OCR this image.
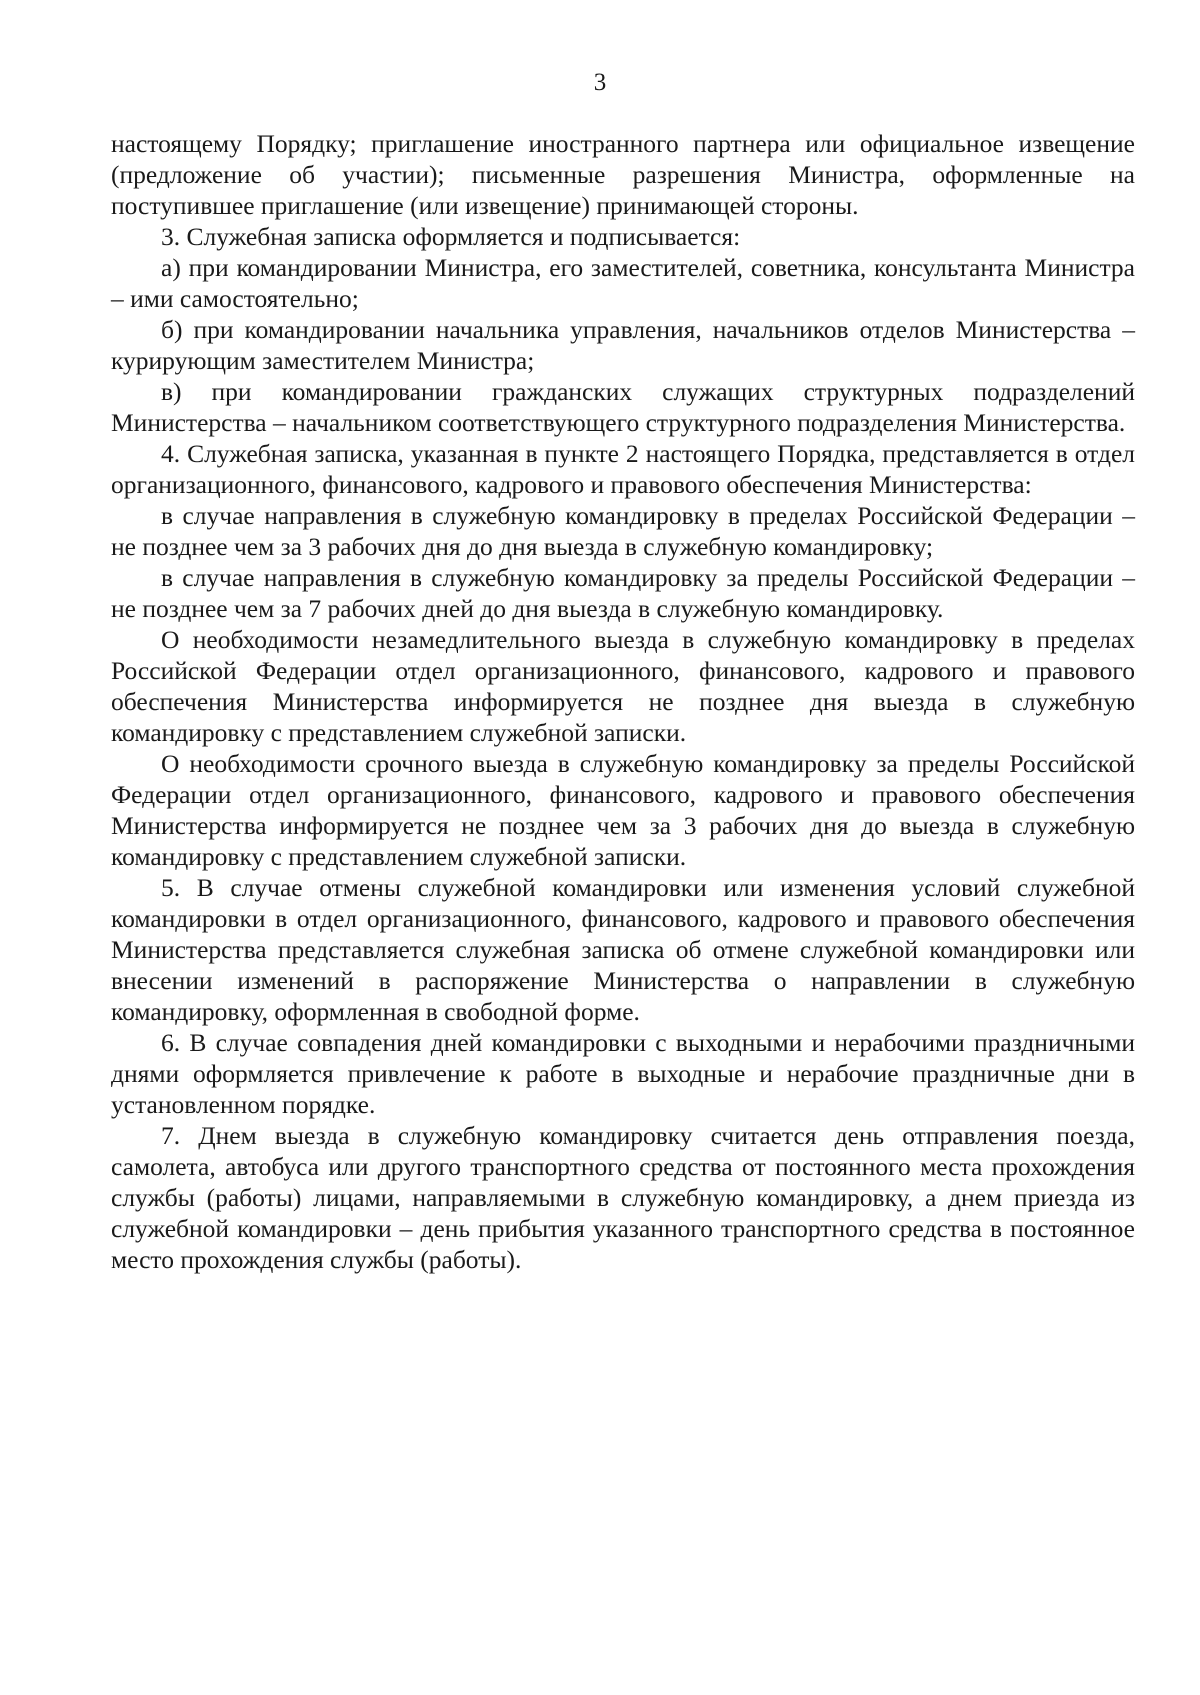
3

настоящему Порядку; приглашение иностранного партнера или официальное извещение (предложение об участии); письменные разрешения Министра, оформленные на поступившее приглашение (или извещение) принимающей стороны.

3. Служебная записка оформляется и подписывается:

а) при командировании Министра, его заместителей, советника, консультанта Министра – ими самостоятельно;

б) при командировании начальника управления, начальников отделов Министерства – курирующим заместителем Министра;

в) при командировании гражданских служащих структурных подразделений Министерства – начальником соответствующего структурного подразделения Министерства.

4. Служебная записка, указанная в пункте 2 настоящего Порядка, представляется в отдел организационного, финансового, кадрового и правового обеспечения Министерства:

в случае направления в служебную командировку в пределах Российской Федерации – не позднее чем за 3 рабочих дня до дня выезда в служебную командировку;

в случае направления в служебную командировку за пределы Российской Федерации – не позднее чем за 7 рабочих дней до дня выезда в служебную командировку.

О необходимости незамедлительного выезда в служебную командировку в пределах Российской Федерации отдел организационного, финансового, кадрового и правового обеспечения Министерства информируется не позднее дня выезда в служебную командировку с представлением служебной записки.

О необходимости срочного выезда в служебную командировку за пределы Российской Федерации отдел организационного, финансового, кадрового и правового обеспечения Министерства информируется не позднее чем за 3 рабочих дня до выезда в служебную командировку с представлением служебной записки.

5. В случае отмены служебной командировки или изменения условий служебной командировки в отдел организационного, финансового, кадрового и правового обеспечения Министерства представляется служебная записка об отмене служебной командировки или внесении изменений в распоряжение Министерства о направлении в служебную командировку, оформленная в свободной форме.

6. В случае совпадения дней командировки с выходными и нерабочими праздничными днями оформляется привлечение к работе в выходные и нерабочие праздничные дни в установленном порядке.

7. Днем выезда в служебную командировку считается день отправления поезда, самолета, автобуса или другого транспортного средства от постоянного места прохождения службы (работы) лицами, направляемыми в служебную командировку, а днем приезда из служебной командировки – день прибытия указанного транспортного средства в постоянное место прохождения службы (работы).
